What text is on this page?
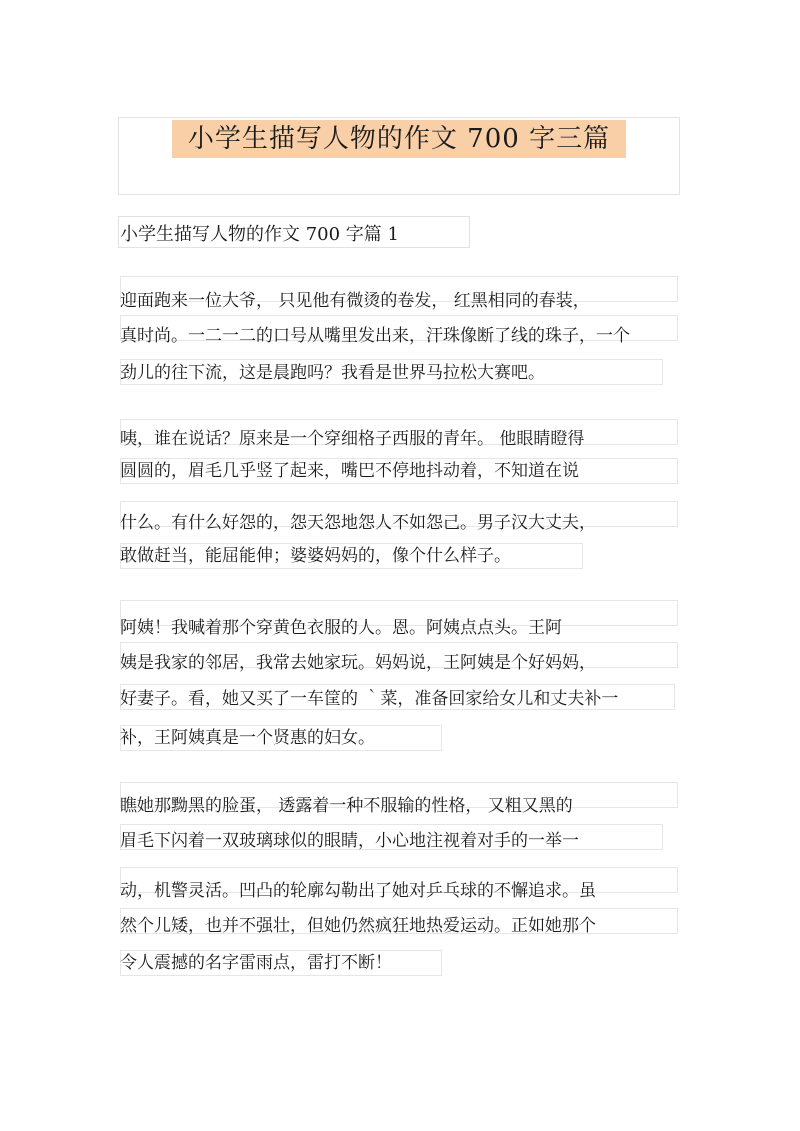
小学生描写人物的作文 700 字三篇
小学生描写人物的作文 700 字篇 1
迎面跑来一位大爷， 只见他有微烫的卷发， 红黑相同的春装，
真时尚。一二一二的口号从嘴里发出来，汗珠像断了线的珠子，一个
劲儿的往下流，这是晨跑吗？我看是世界马拉松大赛吧。
咦，谁在说话？原来是一个穿细格子西服的青年。 他眼睛瞪得
圆圆的，眉毛几乎竖了起来，嘴巴不停地抖动着，不知道在说
什么。有什么好怨的，怨天怨地怨人不如怨己。男子汉大丈夫，
敢做赶当，能屈能伸；婆婆妈妈的，像个什么样子。
阿姨！我喊着那个穿黄色衣服的人。恩。阿姨点点头。王阿
姨是我家的邻居，我常去她家玩。妈妈说，王阿姨是个好妈妈，
好妻子。看，她又买了一车筐的 ｀菜，准备回家给女儿和丈夫补一
补，王阿姨真是一个贤惠的妇女。
瞧她那黝黑的脸蛋， 透露着一种不服输的性格， 又粗又黑的
眉毛下闪着一双玻璃球似的眼睛，小心地注视着对手的一举一
动，机警灵活。凹凸的轮廓勾勒出了她对乒乓球的不懈追求。虽
然个儿矮，也并不强壮，但她仍然疯狂地热爱运动。正如她那个
令人震撼的名字雷雨点，雷打不断！
